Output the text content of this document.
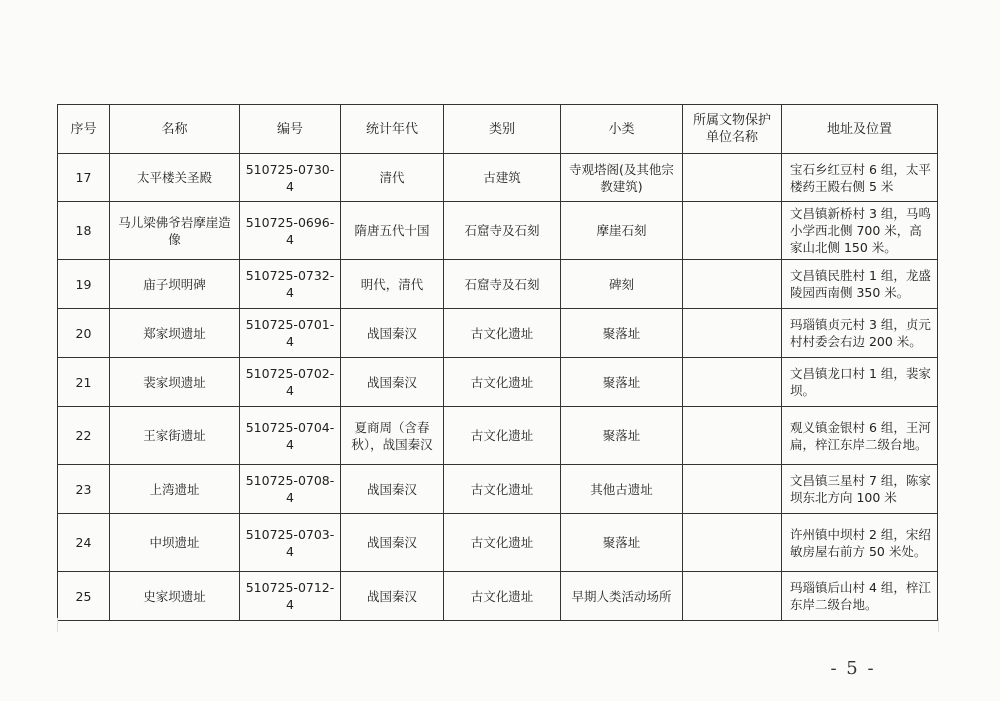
序号	名称	编号	统计年代	类别	小类	所属文物保护单位名称	地址及位置
17	太平楼关圣殿	510725-0730-4	清代	古建筑	寺观塔阁(及其他宗教建筑)		宝石乡红豆村 6 组，太平楼药王殿右侧 5 米
18	马儿梁佛爷岩摩崖造像	510725-0696-4	隋唐五代十国	石窟寺及石刻	摩崖石刻		文昌镇新桥村 3 组，马鸣小学西北侧 700 米，高家山北侧 150 米。
19	庙子坝明碑	510725-0732-4	明代，清代	石窟寺及石刻	碑刻		文昌镇民胜村 1 组，龙盛陵园西南侧 350 米。
20	郑家坝遗址	510725-0701-4	战国秦汉	古文化遗址	聚落址		玛瑙镇贞元村 3 组，贞元村村委会右边 200 米。
21	裴家坝遗址	510725-0702-4	战国秦汉	古文化遗址	聚落址		文昌镇龙口村 1 组，裴家坝。
22	王家街遗址	510725-0704-4	夏商周（含春秋），战国秦汉	古文化遗址	聚落址		观义镇金银村 6 组，王河扁，梓江东岸二级台地。
23	上湾遗址	510725-0708-4	战国秦汉	古文化遗址	其他古遗址		文昌镇三星村 7 组，陈家坝东北方向 100 米
24	中坝遗址	510725-0703-4	战国秦汉	古文化遗址	聚落址		许州镇中坝村 2 组，宋绍敏房屋右前方 50 米处。
25	史家坝遗址	510725-0712-4	战国秦汉	古文化遗址	早期人类活动场所		玛瑙镇后山村 4 组，梓江东岸二级台地。
- 5 -
